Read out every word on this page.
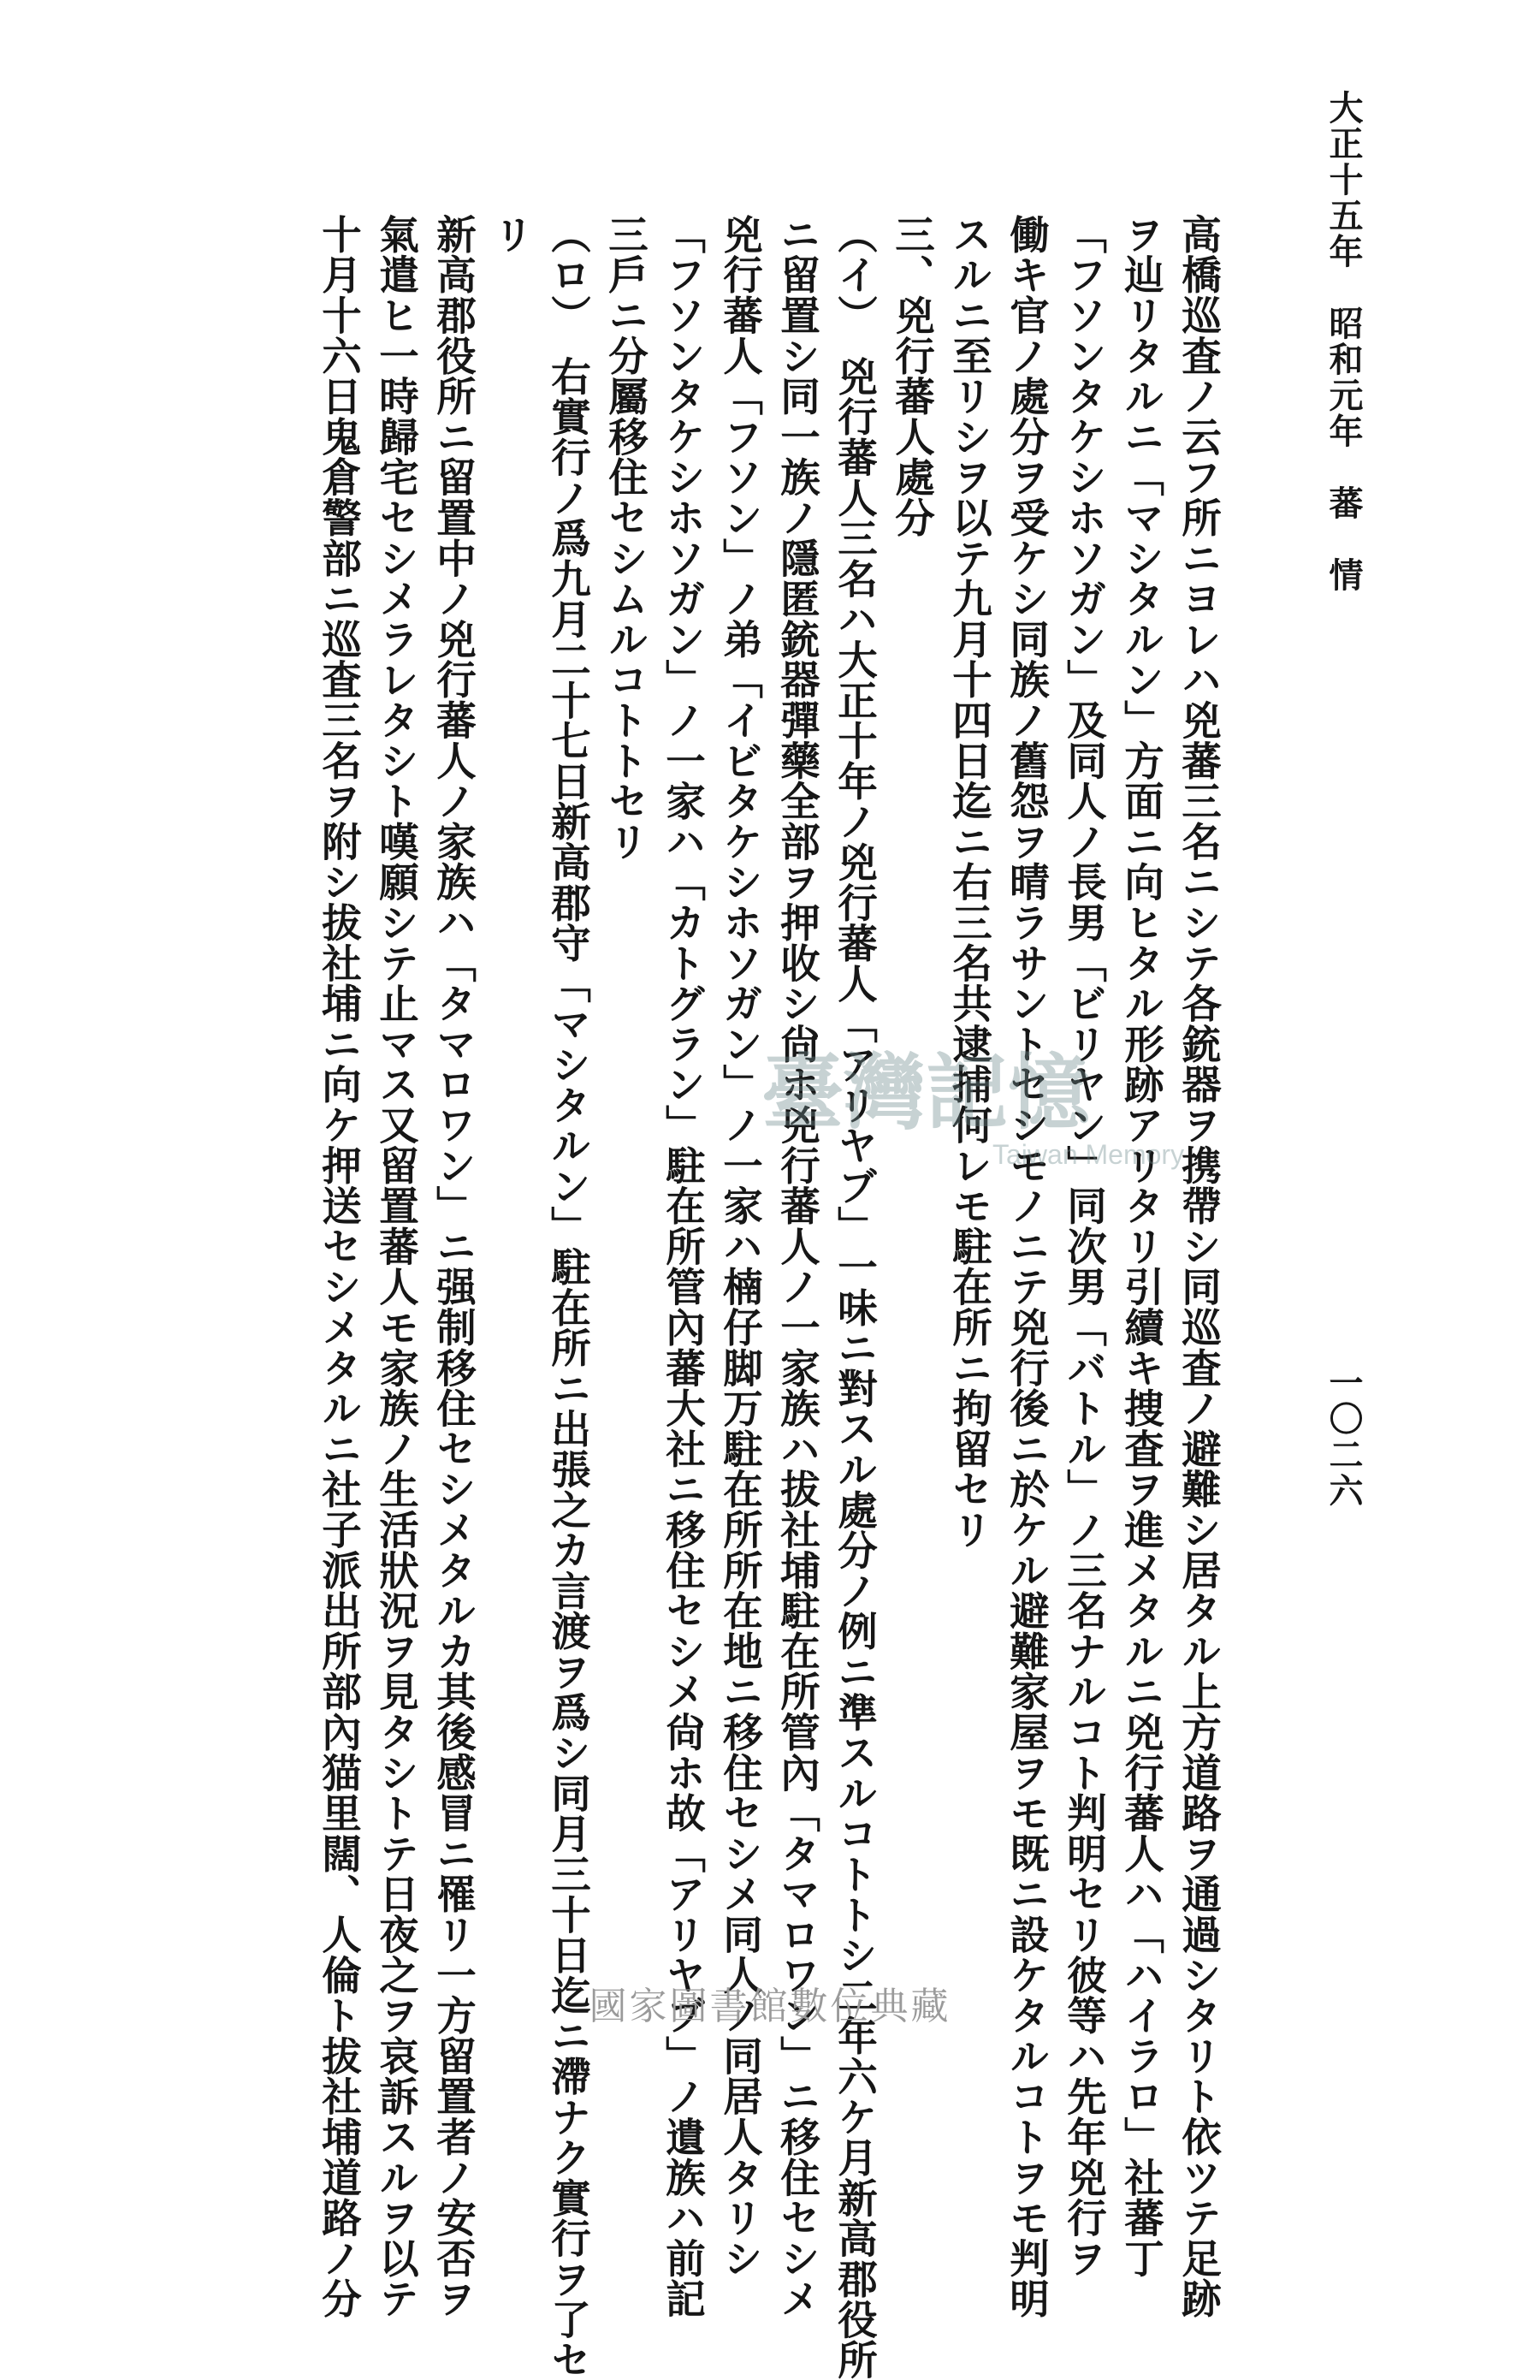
大正十五年　昭和元年　蕃　情
一〇二六
高橋巡査ノ云フ所ニヨレハ兇蕃三名ニシテ各銃器ヲ携帶シ同巡査ノ避難シ居タル上方道路ヲ通過シタリト依ツテ足跡
ヲ辿リタルニ「マシタルン」方面ニ向ヒタル形跡アリタリ引續キ捜査ヲ進メタルニ兇行蕃人ハ「ハイラロ」社蕃丁
「フソンタケシホソガン」及同人ノ長男「ビリヤン」同次男「バトル」ノ三名ナルコト判明セリ彼等ハ先年兇行ヲ
働キ官ノ處分ヲ受ケシ同族ノ舊怨ヲ晴ラサントセシモノニテ兇行後ニ於ケル避難家屋ヲモ既ニ設ケタルコトヲモ判明
スルニ至リシヲ以テ九月十四日迄ニ右三名共逮捕何レモ駐在所ニ拘留セリ
三、兇行蕃人處分
（イ）　兇行蕃人三名ハ大正十年ノ兇行蕃人「アリヤブ」一味ニ對スル處分ノ例ニ準スルコトトシ二年六ケ月新高郡役所
ニ留置シ同一族ノ隱匿銃器彈藥全部ヲ押收シ尙ホ兇行蕃人ノ一家族ハ拔社埔駐在所管內「タマロワン」ニ移住セシメ
兇行蕃人「フソン」ノ弟「イビタケシホソガン」ノ一家ハ楠仔脚万駐在所所在地ニ移住セシメ同人ノ同居人タリシ
「フソンタケシホソガン」ノ一家ハ「カトグラン」駐在所管內蕃大社ニ移住セシメ尙ホ故「アリヤブ」ノ遺族ハ前記
三戶ニ分屬移住セシムルコトトセリ
（ロ）　右實行ノ爲九月二十七日新高郡守「マシタルン」駐在所ニ出張之カ言渡ヲ爲シ同月三十日迄ニ滯ナク實行ヲ了セ
リ
新高郡役所ニ留置中ノ兇行蕃人ノ家族ハ「タマロワン」ニ强制移住セシメタルカ其後感冒ニ罹リ一方留置者ノ安否ヲ
氣遣ヒ一時歸宅セシメラレタシト嘆願シテ止マス又留置蕃人モ家族ノ生活狀況ヲ見タシトテ日夜之ヲ哀訴スルヲ以テ
十月十六日鬼倉警部ニ巡査三名ヲ附シ拔社埔ニ向ケ押送セシメタルニ社子派出所部內猫里闊、人倫ト拔社埔道路ノ分	臺灣記憶
Taiwan Memory
國家圖書館數位典藏
